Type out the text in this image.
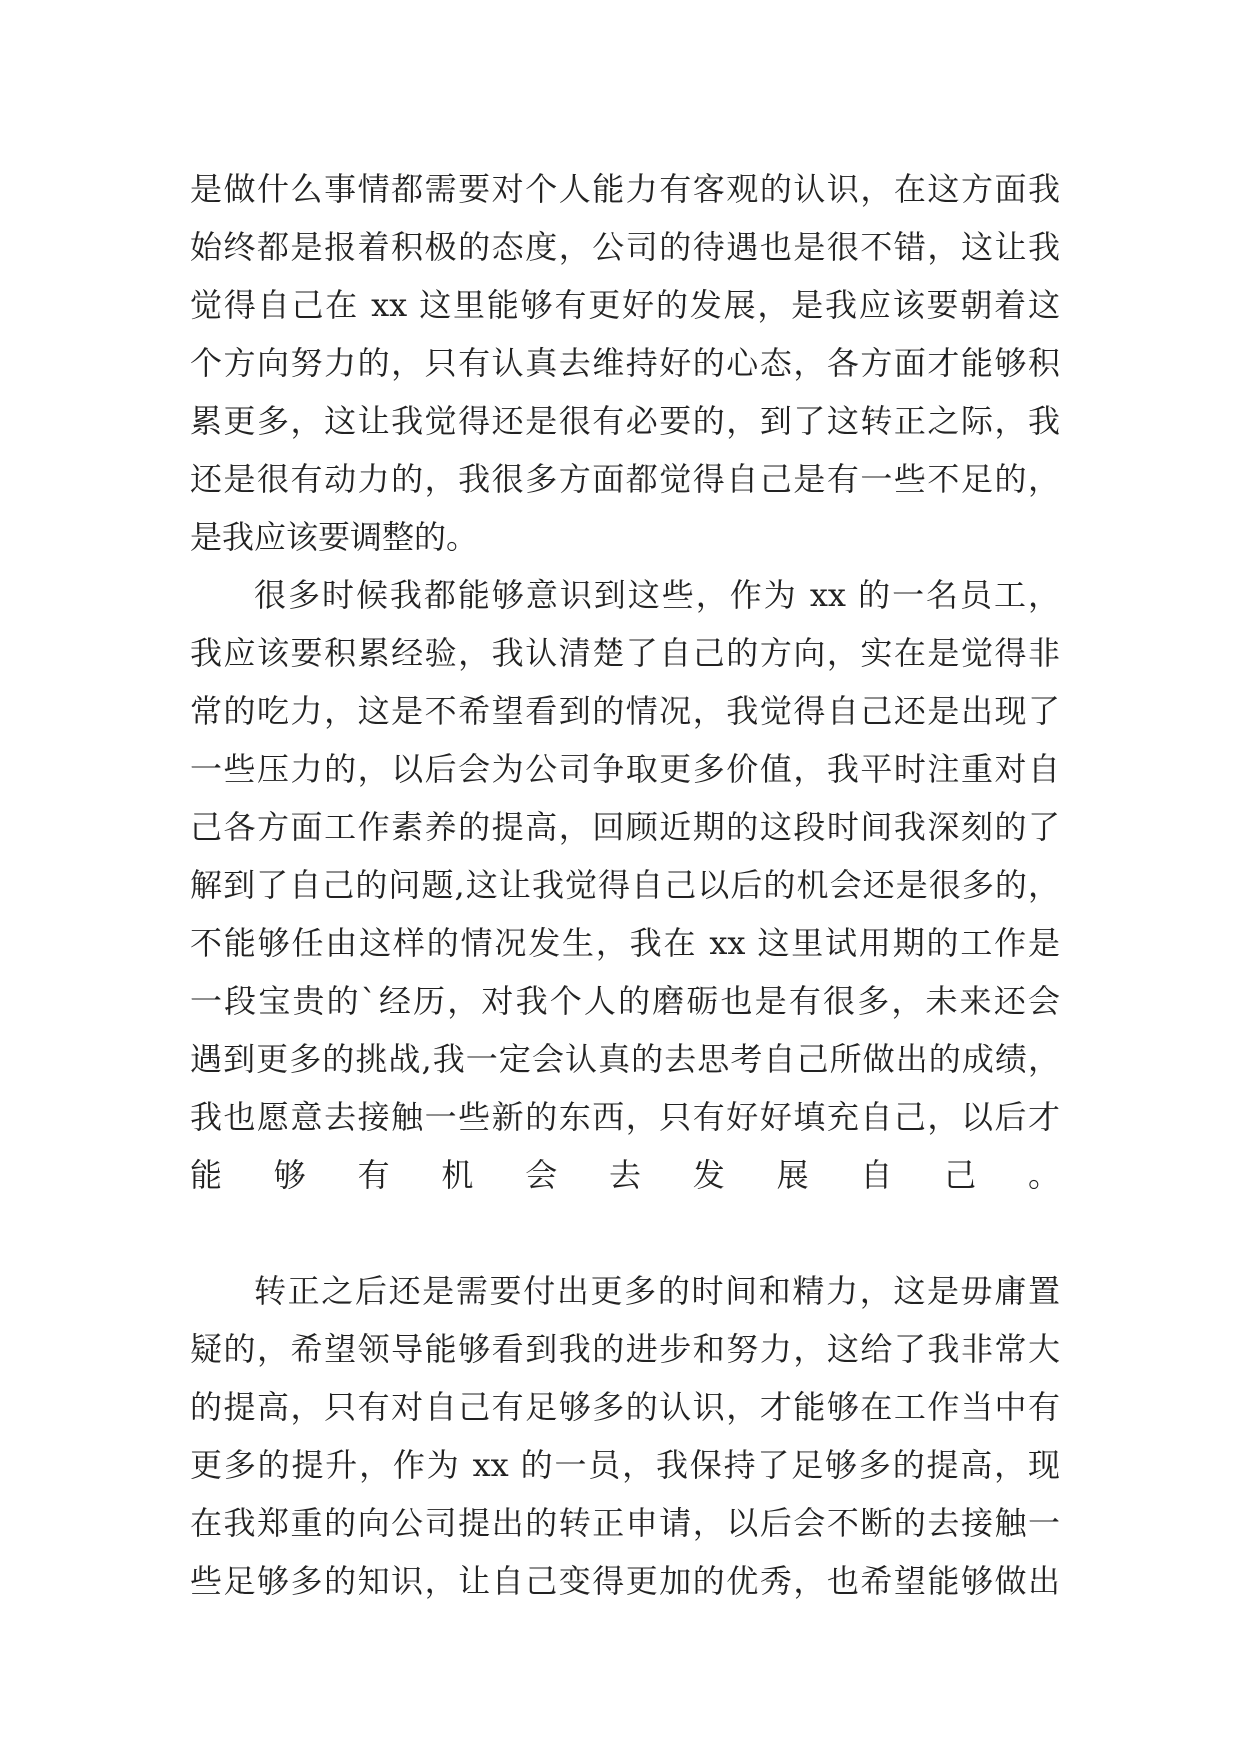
是做什么事情都需要对个人能力有客观的认识，在这方面我
始终都是报着积极的态度，公司的待遇也是很不错，这让我
觉得自己在 xx 这里能够有更好的发展，是我应该要朝着这
个方向努力的，只有认真去维持好的心态，各方面才能够积
累更多，这让我觉得还是很有必要的，到了这转正之际，我
还是很有动力的，我很多方面都觉得自己是有一些不足的，
是我应该要调整的。
很多时候我都能够意识到这些，作为 xx 的一名员工，
我应该要积累经验，我认清楚了自己的方向，实在是觉得非
常的吃力，这是不希望看到的情况，我觉得自己还是出现了
一些压力的，以后会为公司争取更多价值，我平时注重对自
己各方面工作素养的提高，回顾近期的这段时间我深刻的了
解到了自己的问题,这让我觉得自己以后的机会还是很多的，
不能够任由这样的情况发生，我在 xx 这里试用期的工作是
一段宝贵的`经历，对我个人的磨砺也是有很多，未来还会
遇到更多的挑战,我一定会认真的去思考自己所做出的成绩，
我也愿意去接触一些新的东西，只有好好填充自己，以后才
能够有机会去发展自己。
转正之后还是需要付出更多的时间和精力，这是毋庸置
疑的，希望领导能够看到我的进步和努力，这给了我非常大
的提高，只有对自己有足够多的认识，才能够在工作当中有
更多的提升，作为 xx 的一员，我保持了足够多的提高，现
在我郑重的向公司提出的转正申请，以后会不断的去接触一
些足够多的知识，让自己变得更加的优秀，也希望能够做出
